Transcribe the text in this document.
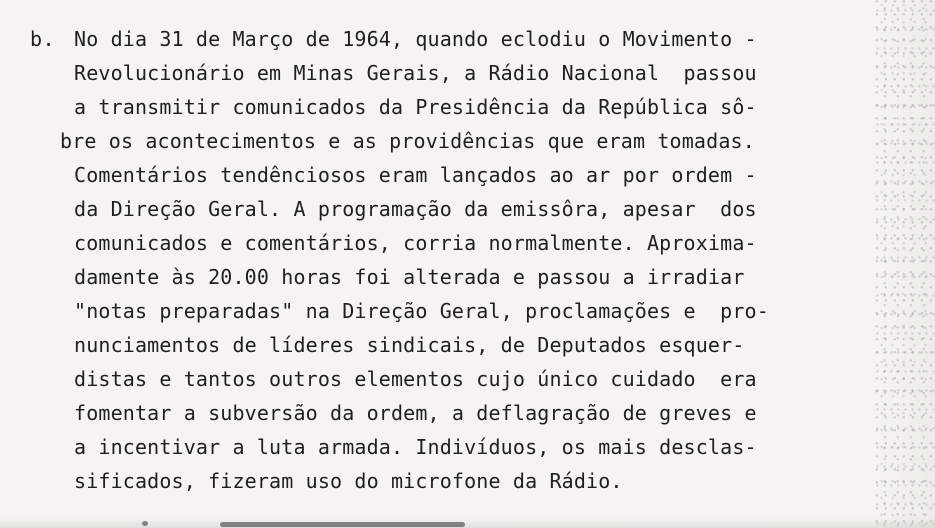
b. No dia 31 de Março de 1964, quando eclodiu o Movimento -
Revolucionário em Minas Gerais, a Rádio Nacional  passou
a transmitir comunicados da Presidência da República sô-
bre os acontecimentos e as providências que eram tomadas.
Comentários tendênciosos eram lançados ao ar por ordem -
da Direção Geral. A programação da emissôra, apesar  dos
comunicados e comentários, corria normalmente. Aproxima-
damente às 20.00 horas foi alterada e passou a irradiar
"notas preparadas" na Direção Geral, proclamações e  pro-
nunciamentos de líderes sindicais, de Deputados esquer-
distas e tantos outros elementos cujo único cuidado  era
fomentar a subversão da ordem, a deflagração de greves e
a incentivar a luta armada. Indivíduos, os mais desclas-
sificados, fizeram uso do microfone da Rádio.
